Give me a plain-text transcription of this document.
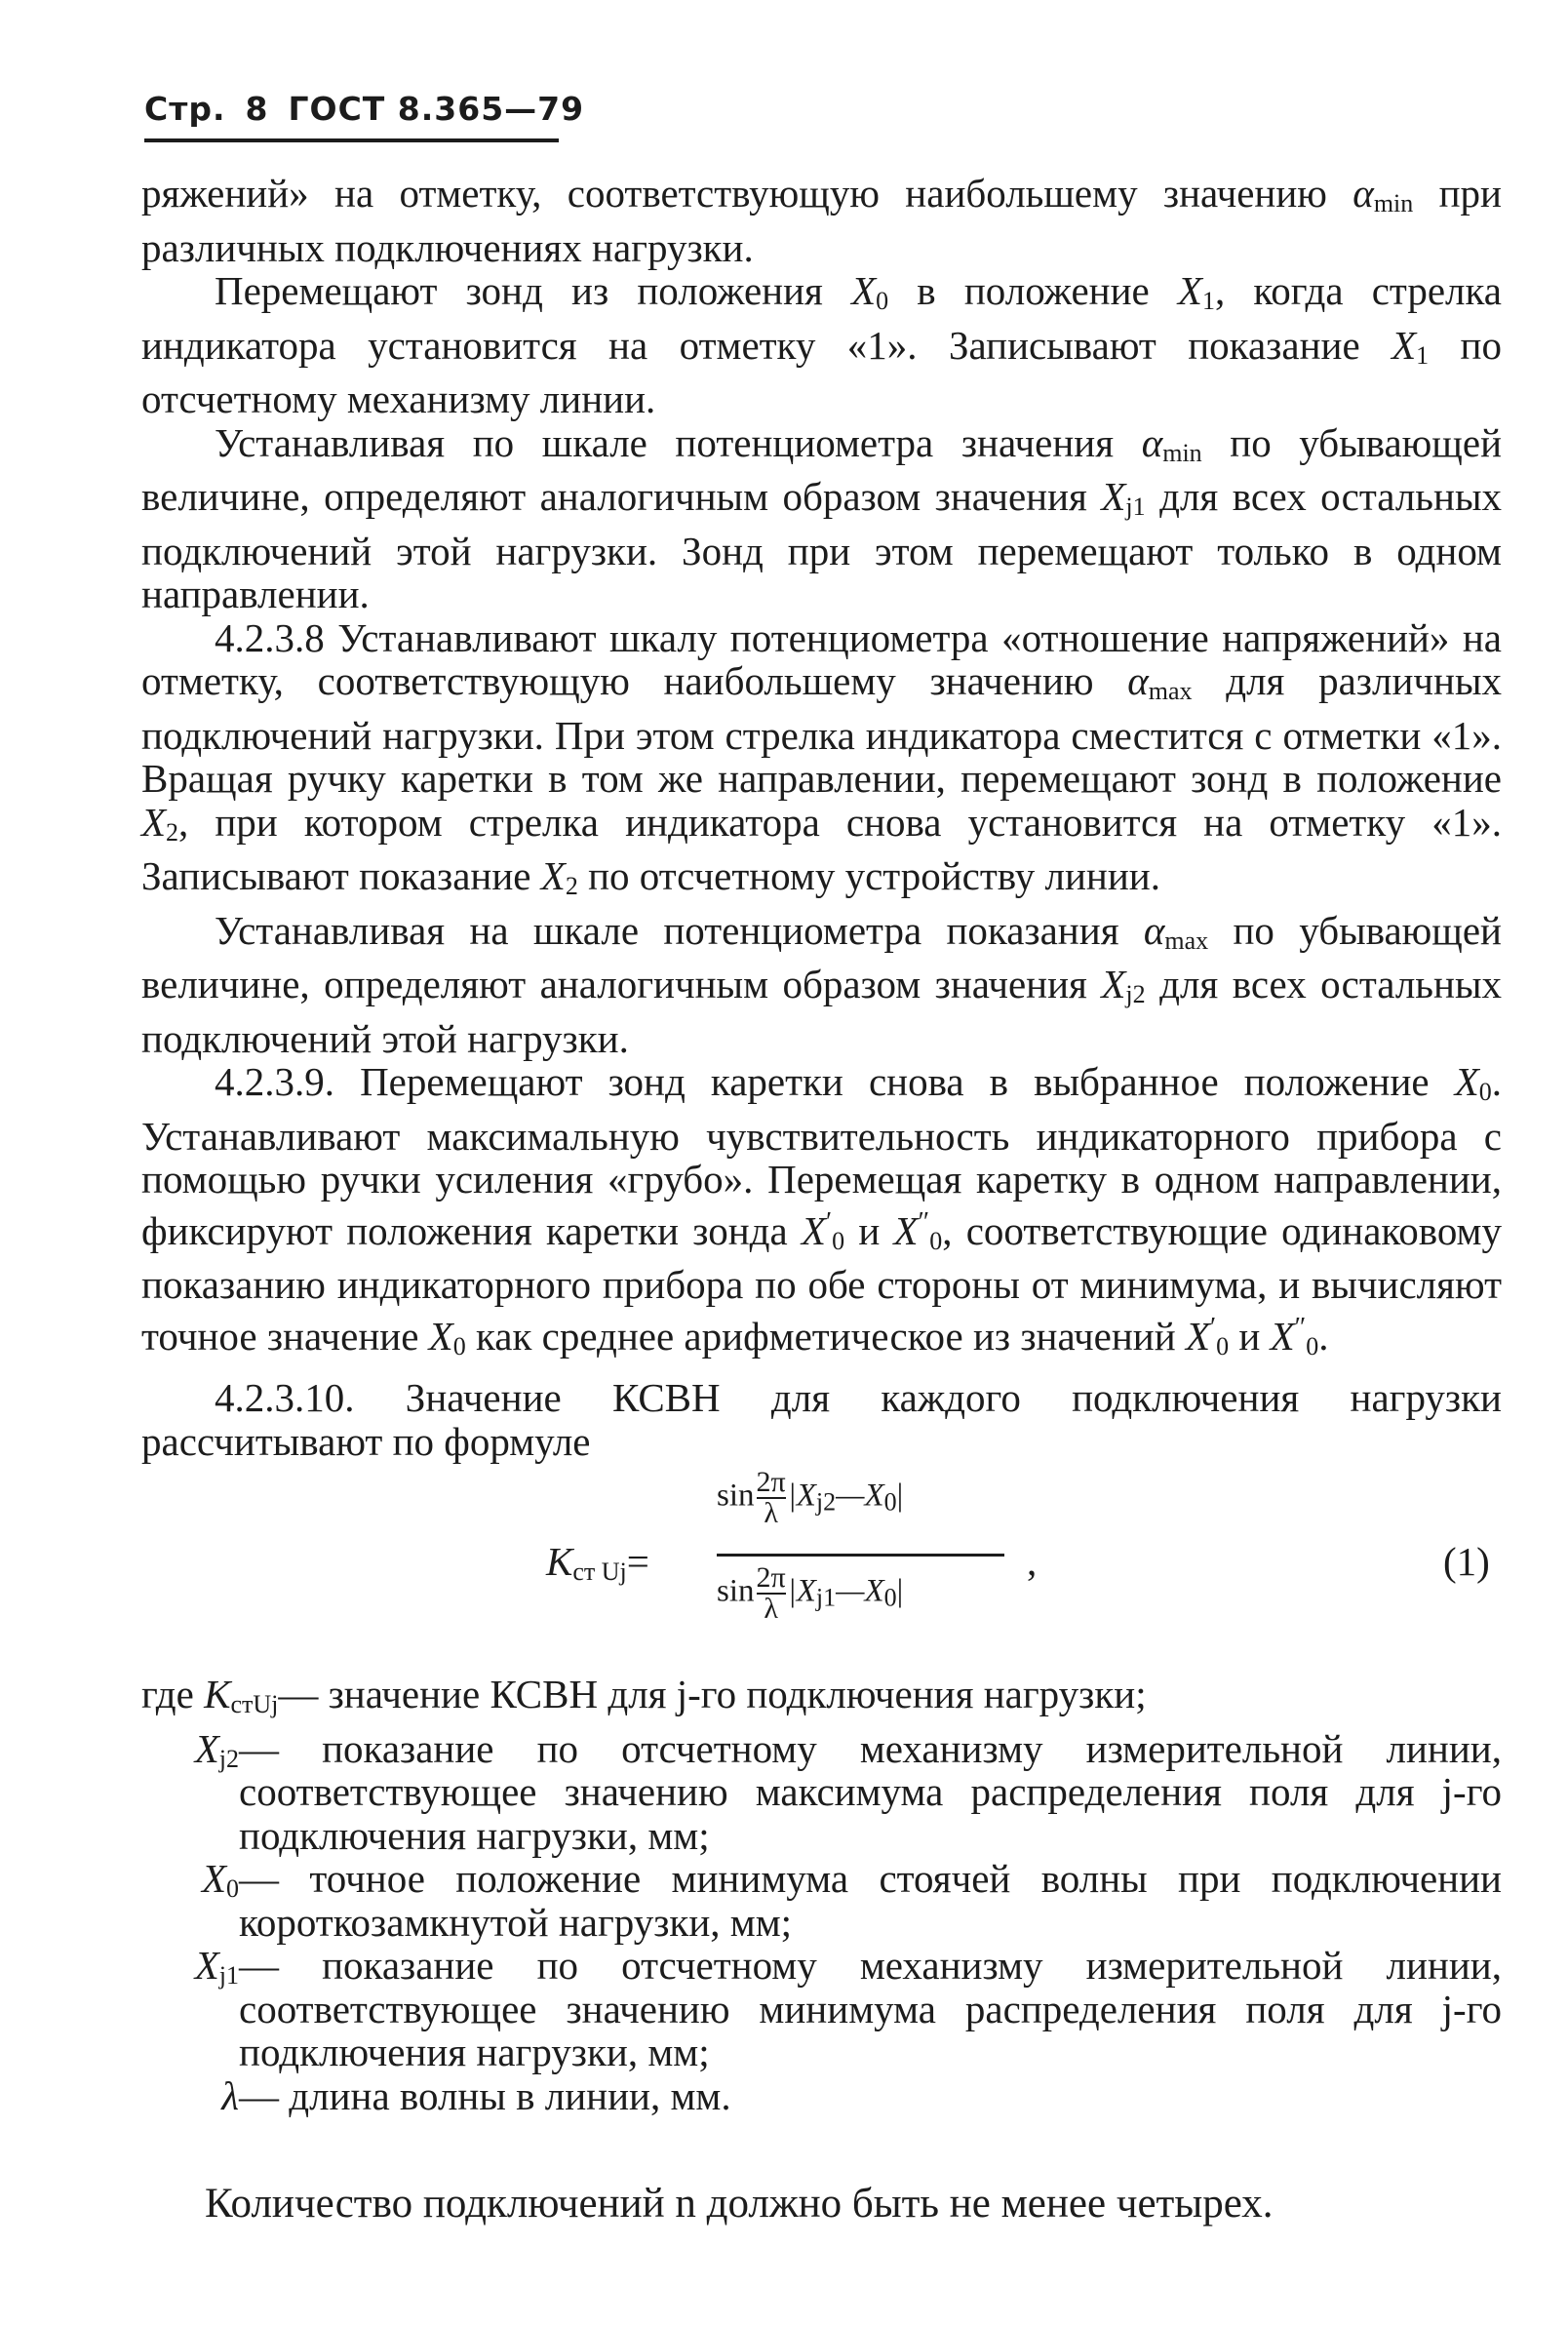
Стр. 8 ГОСТ 8.365—79

ряжений» на отметку, соответствующую наибольшему значению αmin при различных подключениях нагрузки.

Перемещают зонд из положения X0 в положение X1, когда стрелка индикатора установится на отметку «1». Записывают показание X1 по отсчетному механизму линии.

Устанавливая по шкале потенциометра значения αmin по убывающей величине, определяют аналогичным образом значения Xj1 для всех остальных подключений этой нагрузки. Зонд при этом перемещают только в одном направлении.

4.2.3.8 Устанавливают шкалу потенциометра «отношение напряжений» на отметку, соответствующую наибольшему значению αmax для различных подключений нагрузки. При этом стрелка индикатора сместится с отметки «1». Вращая ручку каретки в том же направлении, перемещают зонд в положение X2, при котором стрелка индикатора снова установится на отметку «1». Записывают показание X2 по отсчетному устройству линии.

Устанавливая на шкале потенциометра показания αmax по убывающей величине, определяют аналогичным образом значения Xj2 для всех остальных подключений этой нагрузки.

4.2.3.9. Перемещают зонд каретки снова в выбранное положение X0. Устанавливают максимальную чувствительность индикаторного прибора с помощью ручки усиления «грубо». Перемещая каретку в одном направлении, фиксируют положения каретки зонда X′0 и X″0, соответствующие одинаковому показанию индикаторного прибора по обе стороны от минимума, и вычисляют точное значение X0 как среднее арифметическое из значений X′0 и X″0.

4.2.3.10. Значение КСВН для каждого подключения нагрузки рассчитывают по формуле

Kст Uj=
$\sin\frac{2\pi}{\lambda}$ |Xj2—X0|
$\sin\frac{2\pi}{\lambda}$ |Xj1—X0|
,	(1)
где KстUj — значение КСВН для j-го подключения нагрузки;
Xj2 — показание по отсчетному механизму измерительной линии, соответствующее значению максимума распределения поля для j-го подключения нагрузки, мм;
X0 — точное положение минимума стоячей волны при подключении короткозамкнутой нагрузки, мм;
Xj1 — показание по отсчетному механизму измерительной линии, соответствующее значению минимума распределения поля для j-го подключения нагрузки, мм;
λ — длина волны в линии, мм.
Количество подключений n должно быть не менее четырех.
